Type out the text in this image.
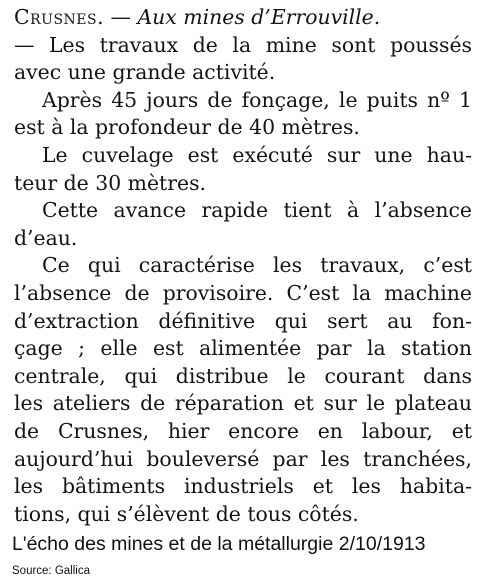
Crusnes. — Aux mines d’Errouville.
— Les travaux de la mine sont poussés
avec une grande activité.
Après 45 jours de fonçage, le puits nº 1
est à la profondeur de 40 mètres.
Le cuvelage est exécuté sur une hau-
teur de 30 mètres.
Cette avance rapide tient à l’absence
d’eau.
Ce qui caractérise les travaux, c’est
l’absence de provisoire. C’est la machine
d’extraction définitive qui sert au fon-
çage ; elle est alimentée par la station
centrale, qui distribue le courant dans
les ateliers de réparation et sur le plateau
de Crusnes, hier encore en labour, et
aujourd’hui bouleversé par les tranchées,
les bâtiments industriels et les habita-
tions, qui s’élèvent de tous côtés.
L'écho des mines et de la métallurgie 2/10/1913
Source: Gallica
